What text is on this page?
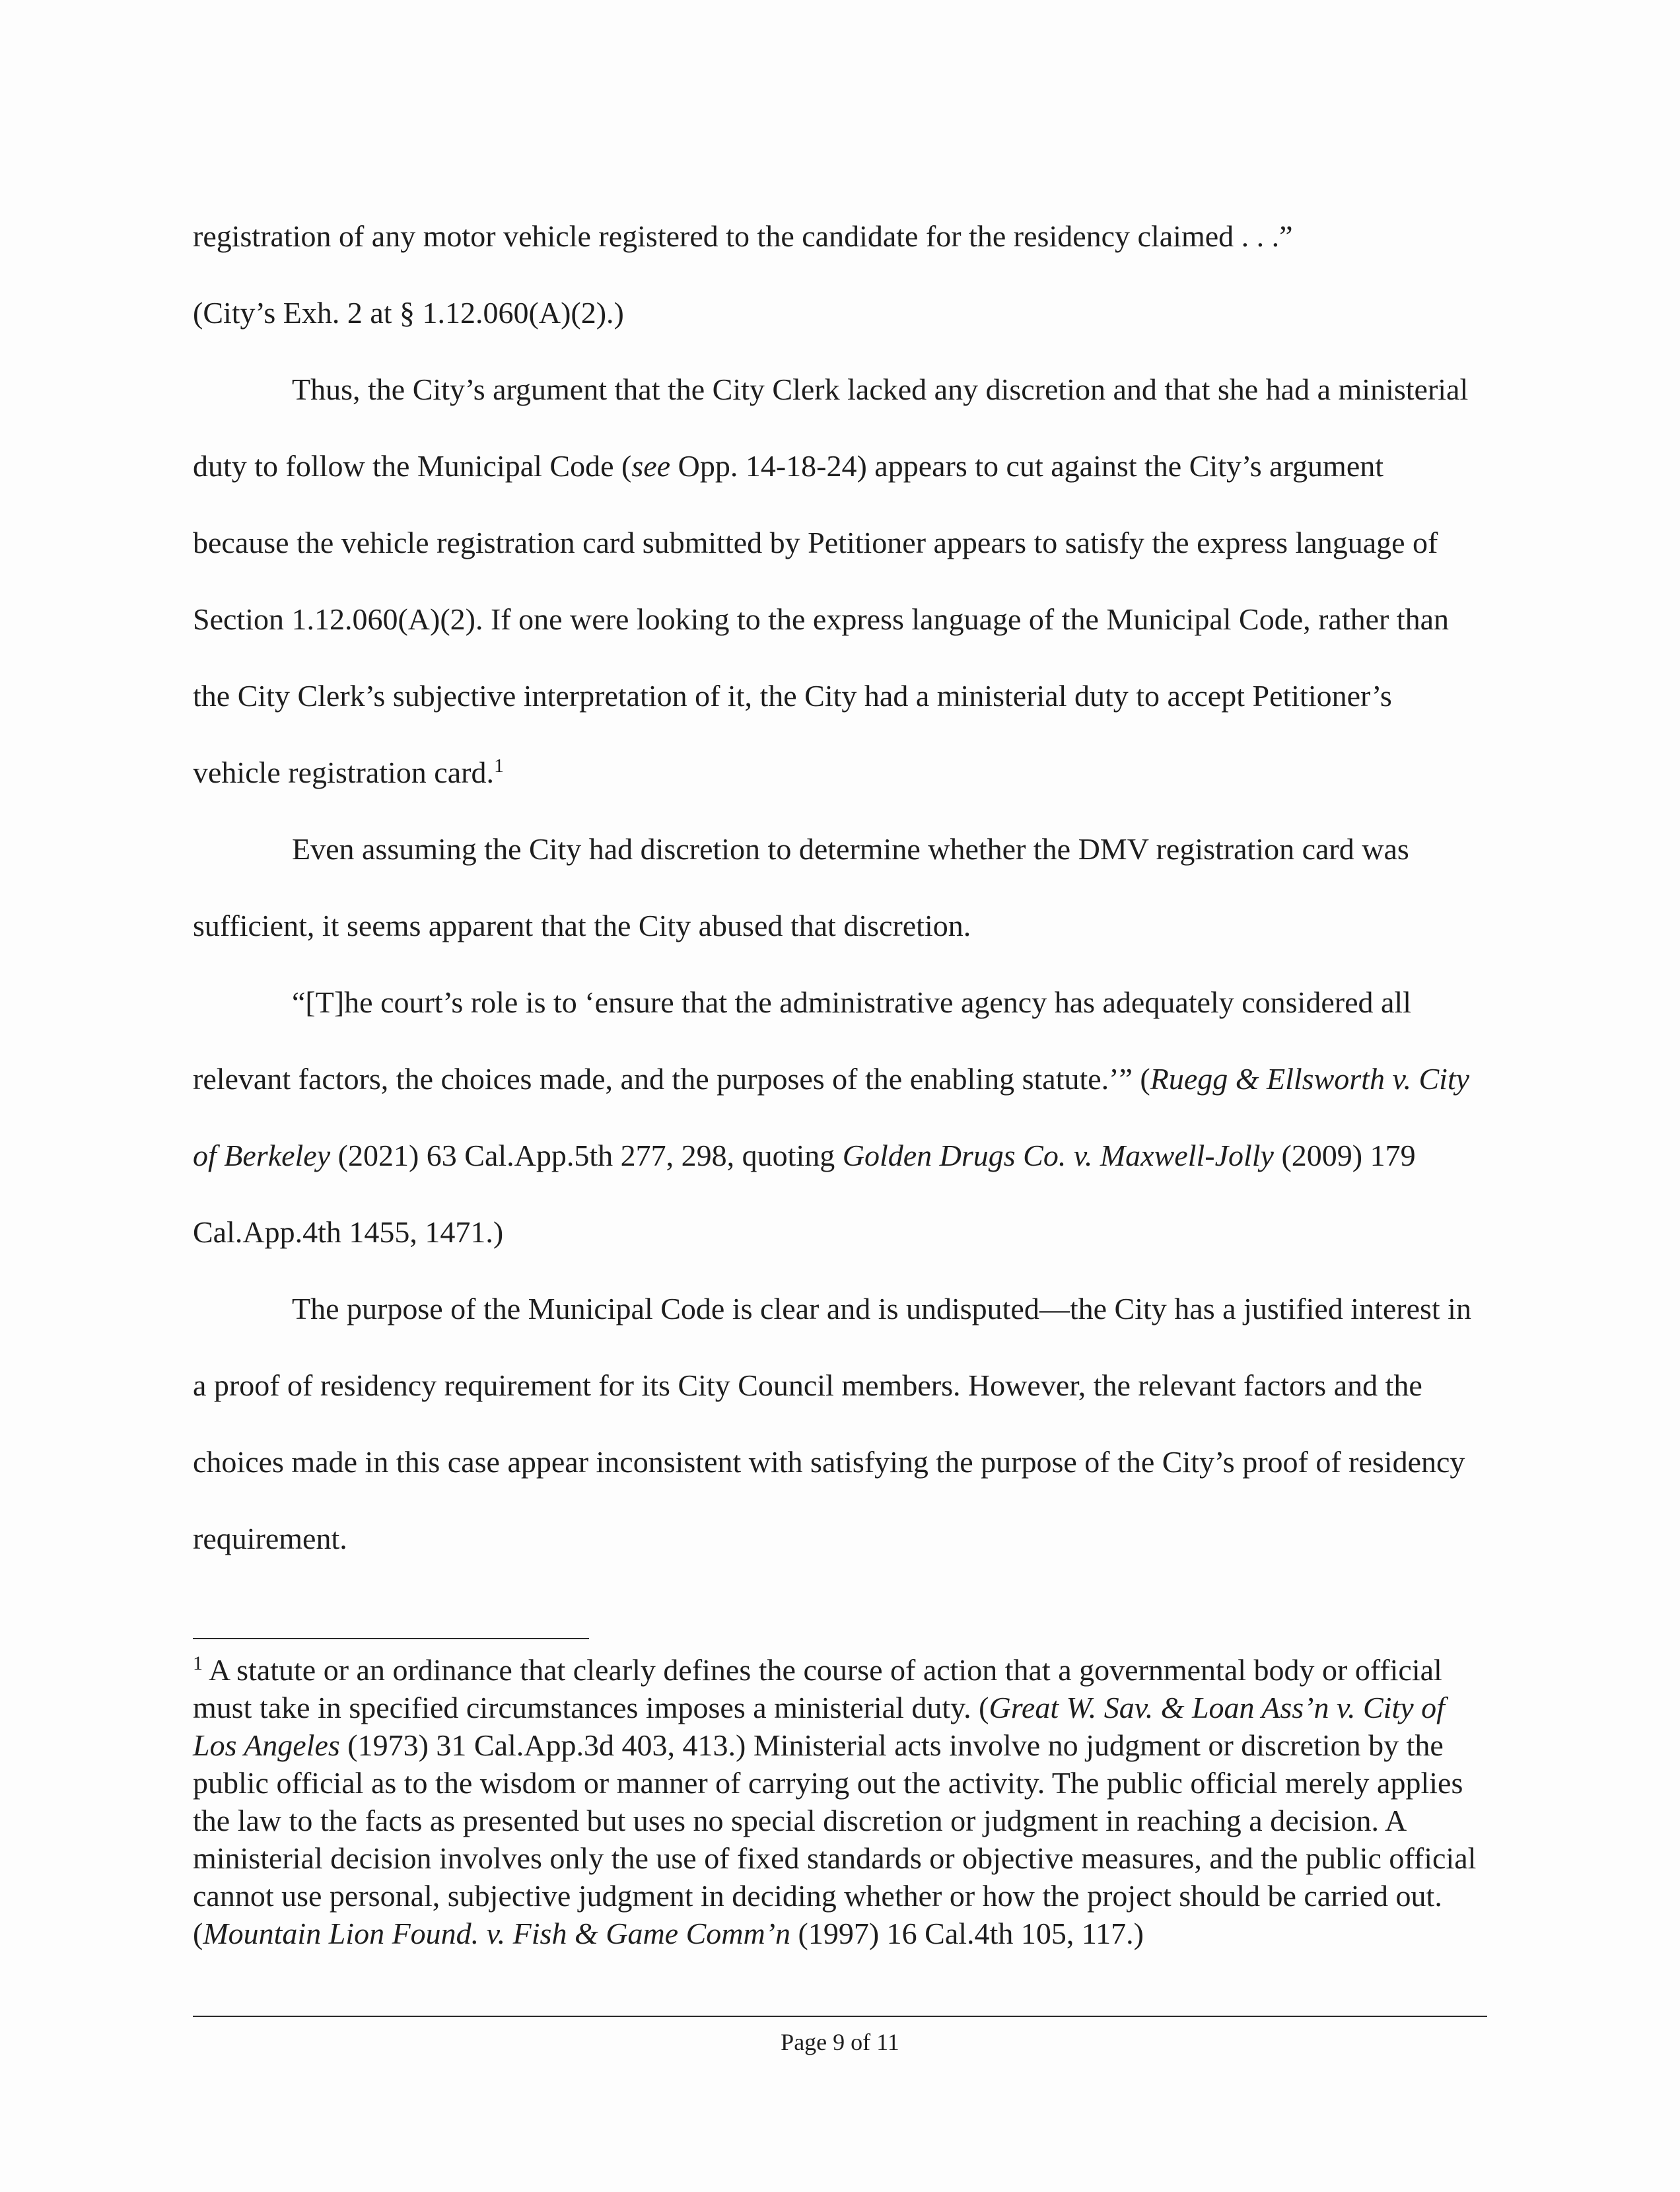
registration of any motor vehicle registered to the candidate for the residency claimed . . .”
(City’s Exh. 2 at § 1.12.060(A)(2).)

Thus, the City’s argument that the City Clerk lacked any discretion and that she had a ministerial duty to follow the Municipal Code (see Opp. 14-18-24) appears to cut against the City’s argument because the vehicle registration card submitted by Petitioner appears to satisfy the express language of Section 1.12.060(A)(2). If one were looking to the express language of the Municipal Code, rather than the City Clerk’s subjective interpretation of it, the City had a ministerial duty to accept Petitioner’s vehicle registration card.$^1$

Even assuming the City had discretion to determine whether the DMV registration card was sufficient, it seems apparent that the City abused that discretion.

“[T]he court’s role is to ‘ensure that the administrative agency has adequately considered all relevant factors, the choices made, and the purposes of the enabling statute.’” (Ruegg & Ellsworth v. City of Berkeley (2021) 63 Cal.App.5th 277, 298, quoting Golden Drugs Co. v. Maxwell-Jolly (2009) 179 Cal.App.4th 1455, 1471.)

The purpose of the Municipal Code is clear and is undisputed—the City has a justified interest in a proof of residency requirement for its City Council members. However, the relevant factors and the choices made in this case appear inconsistent with satisfying the purpose of the City’s proof of residency requirement.

$^1$ A statute or an ordinance that clearly defines the course of action that a governmental body or official must take in specified circumstances imposes a ministerial duty. (Great W. Sav. & Loan Ass’n v. City of Los Angeles (1973) 31 Cal.App.3d 403, 413.) Ministerial acts involve no judgment or discretion by the public official as to the wisdom or manner of carrying out the activity. The public official merely applies the law to the facts as presented but uses no special discretion or judgment in reaching a decision. A ministerial decision involves only the use of fixed standards or objective measures, and the public official cannot use personal, subjective judgment in deciding whether or how the project should be carried out. (Mountain Lion Found. v. Fish & Game Comm’n (1997) 16 Cal.4th 105, 117.)
Page 9 of 11
